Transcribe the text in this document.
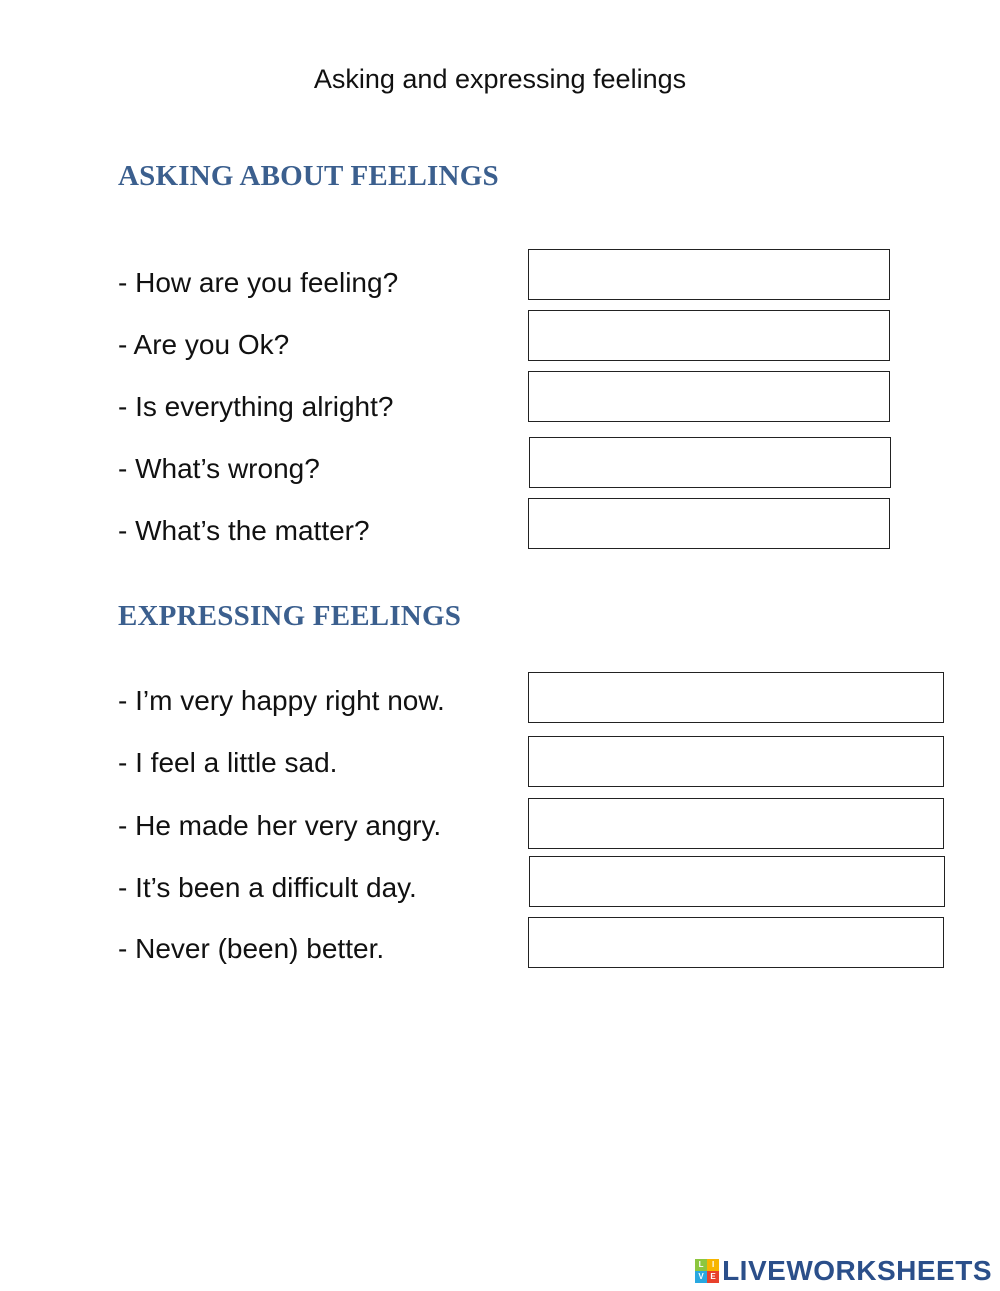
Asking and expressing feelings
ASKING ABOUT FEELINGS
- How are you feeling?
- Are you Ok?
- Is everything alright?
- What’s wrong?
- What’s the matter?
EXPRESSING FEELINGS
- I’m very happy right now.
- I feel a little sad.
- He made her very angry.
- It’s been a difficult day.
- Never (been) better.
L	I
V E LIVEWORKSHEETS
